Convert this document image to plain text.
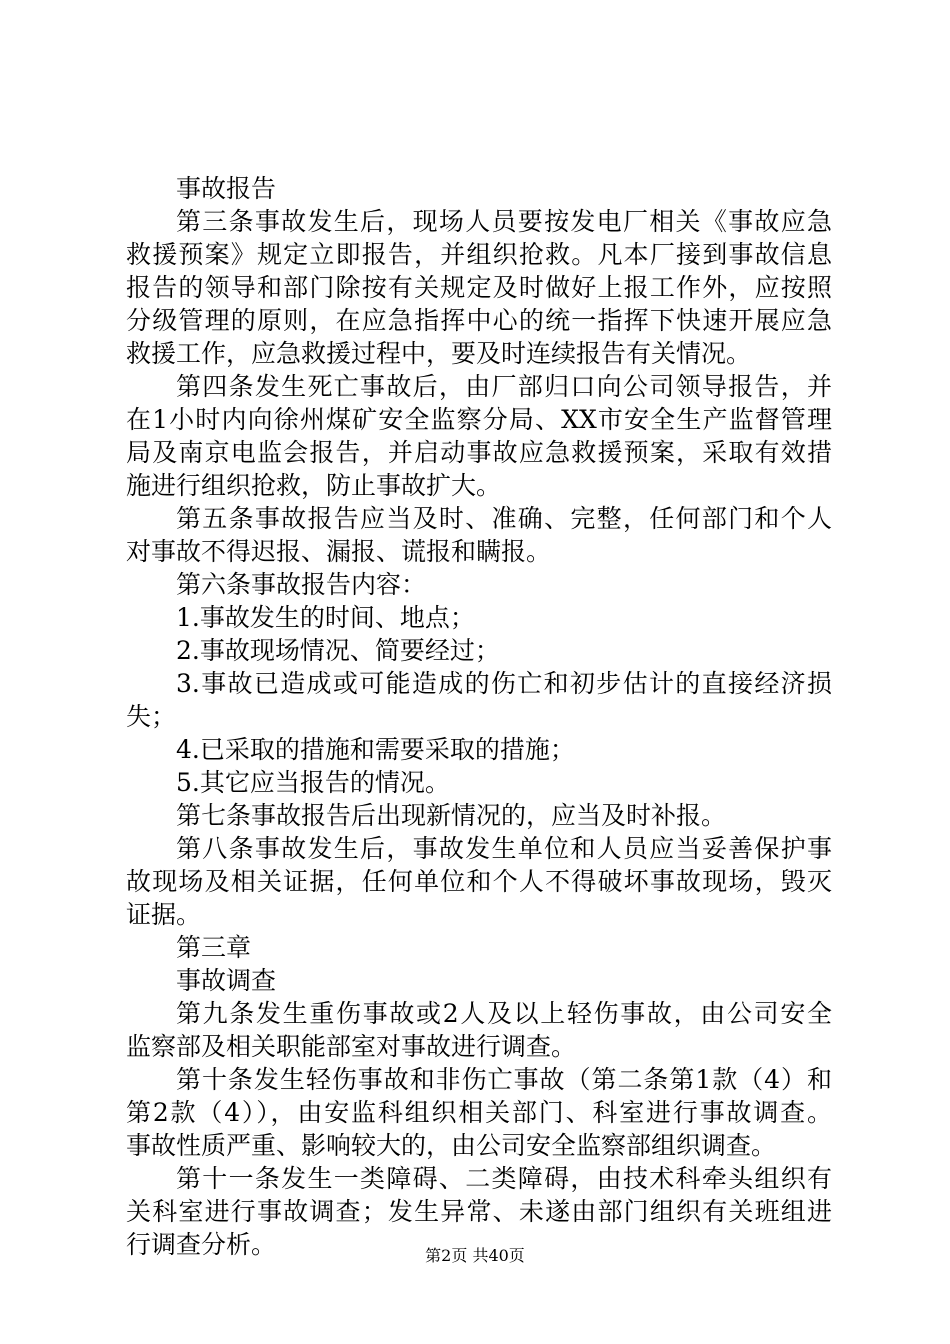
事故报告
第三条事故发生后，现场人员要按发电厂相关《事故应急
救援预案》规定立即报告，并组织抢救。凡本厂接到事故信息
报告的领导和部门除按有关规定及时做好上报工作外，应按照
分级管理的原则，在应急指挥中心的统一指挥下快速开展应急
救援工作，应急救援过程中，要及时连续报告有关情况。
第四条发生死亡事故后，由厂部归口向公司领导报告，并
在1小时内向徐州煤矿安全监察分局、XX市安全生产监督管理
局及南京电监会报告，并启动事故应急救援预案，采取有效措
施进行组织抢救，防止事故扩大。
第五条事故报告应当及时、准确、完整，任何部门和个人
对事故不得迟报、漏报、谎报和瞒报。
第六条事故报告内容：
1.事故发生的时间、地点；
2.事故现场情况、简要经过；
3.事故已造成或可能造成的伤亡和初步估计的直接经济损
失；
4.已采取的措施和需要采取的措施；
5.其它应当报告的情况。
第七条事故报告后出现新情况的，应当及时补报。
第八条事故发生后，事故发生单位和人员应当妥善保护事
故现场及相关证据，任何单位和个人不得破坏事故现场，毁灭
证据。
第三章
事故调查
第九条发生重伤事故或2人及以上轻伤事故，由公司安全
监察部及相关职能部室对事故进行调查。
第十条发生轻伤事故和非伤亡事故（第二条第1款（4）和
第2款（4）），由安监科组织相关部门、科室进行事故调查。
事故性质严重、影响较大的，由公司安全监察部组织调查。
第十一条发生一类障碍、二类障碍，由技术科牵头组织有
关科室进行事故调查；发生异常、未遂由部门组织有关班组进
行调查分析。	第2页 共40页
